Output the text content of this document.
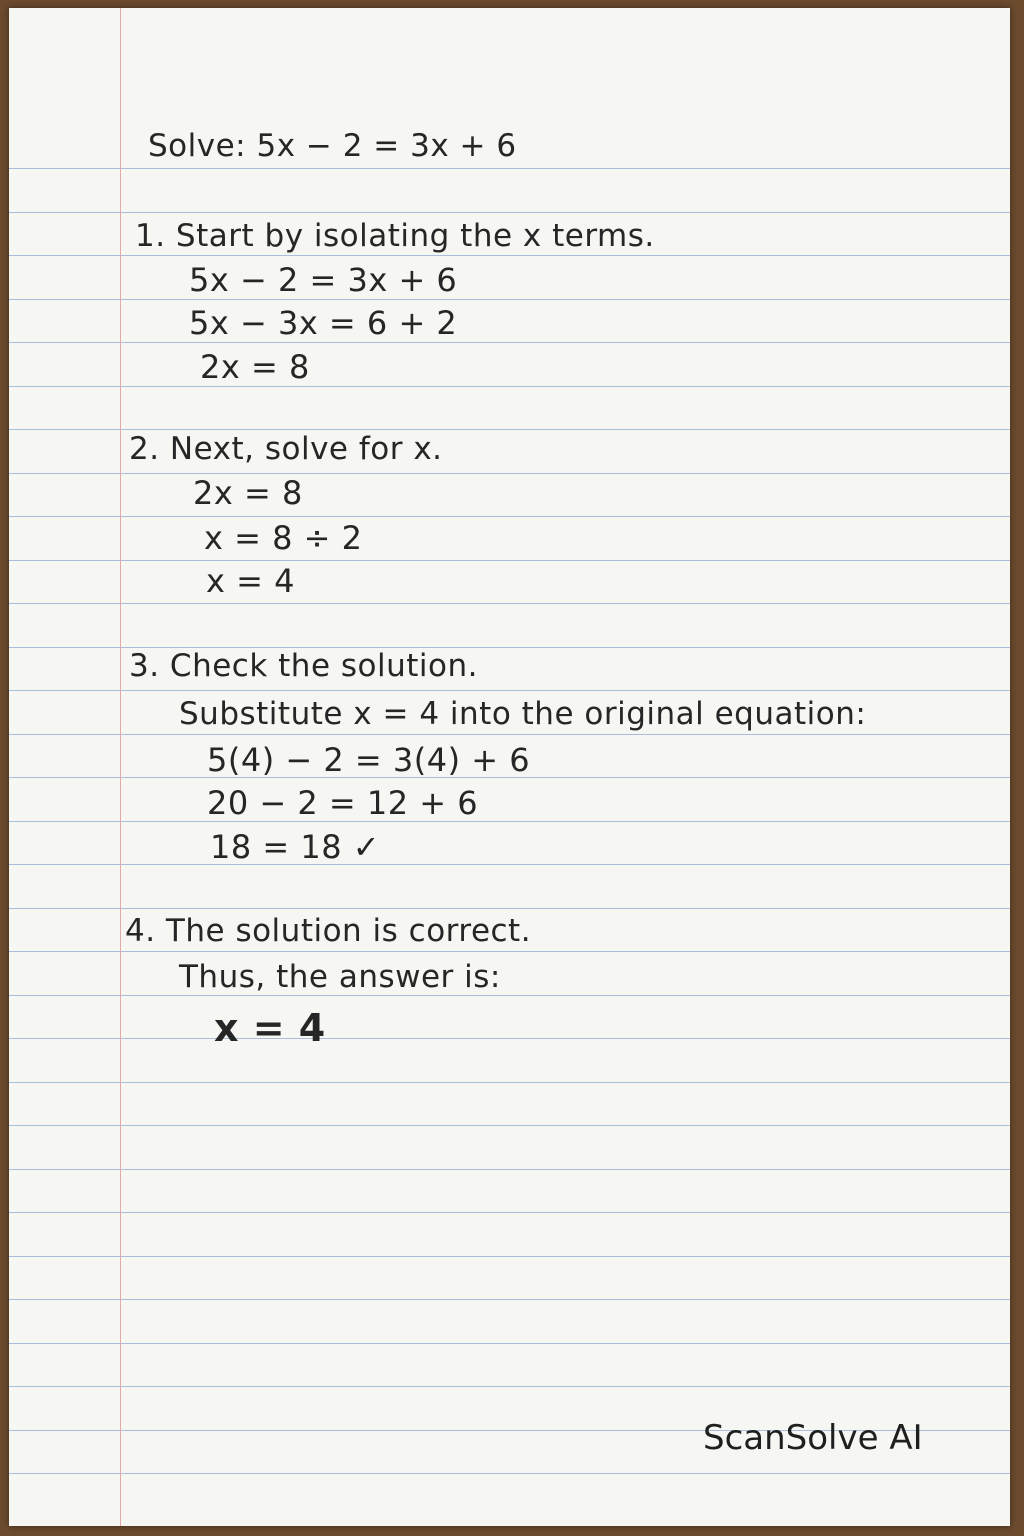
Solve: 5x − 2 = 3x + 6
1. Start by isolating the x terms.
5x − 2 = 3x + 6
5x − 3x = 6 + 2
2x = 8
2. Next, solve for x.
2x = 8
x = 8 ÷ 2
x = 4
3. Check the solution.
Substitute x = 4 into the original equation:
5(4) − 2 = 3(4) + 6
20 − 2 = 12 + 6
18 = 18 ✓
4. The solution is correct.
Thus, the answer is:
x = 4
ScanSolve AI
